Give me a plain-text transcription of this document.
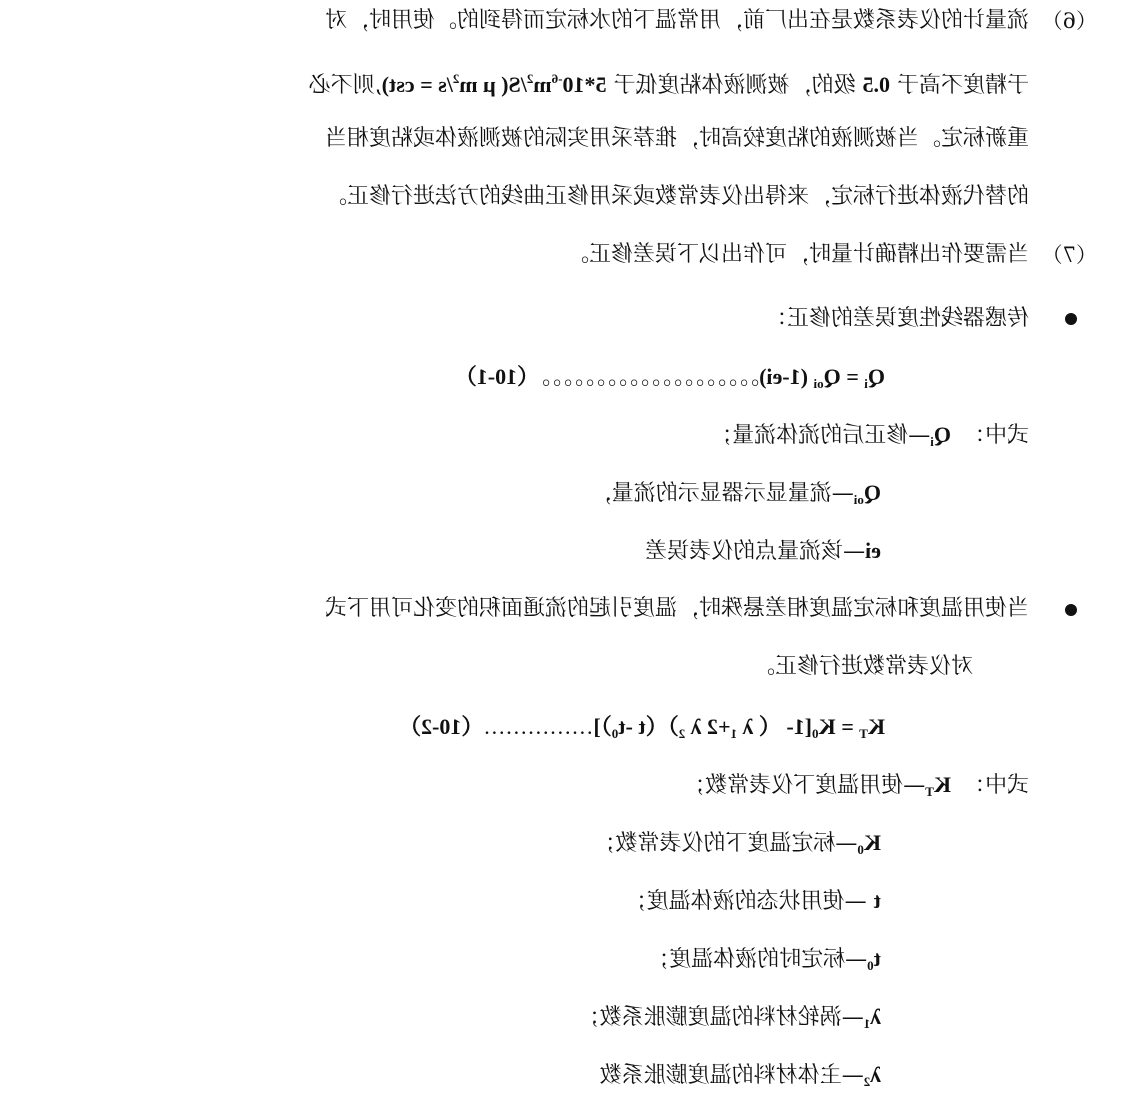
（6）
流量计的仪表系数是在出厂前，用常温下的水标定而得到的。使用时，对
于精度不高于 0.5 级的，被测液体粘度低于 $5*10^{-6}m^2/S$( μ $m^2/s = cst$),则不必
重新标定。当被测液的粘度较高时，推荐采用实际的被测液体或粘度相当
的替代液体进行标定，来得出仪表常数或采用修正曲线的方法进行修正。
（7）
当需要作出精确计量时，可作出以下误差修正。
传感器线性度误差的修正：
$Q_i = Q_{oi}$ (1-ei)。。。。。。。。。。。。。。。。。。。。（10-1）
式中：$Q_i—$修正后的流体流量；
$Q_{oi}—$流量显示器显示的流量，
ei—该流量点的仪表误差
当使用温度和标定温度相差悬殊时，温度引起的流通面积的变化可用下式
对仪表常数进行修正。
$K_T = K_0[1-$ （ λ $_1$+2 λ $_2$）（t $-t_0)]\dots\dots\dots\dots\dots(10-2)$
式中：$K_T—$使用温度下仪表常数；
$K_0—$标定温度下的仪表常数；
t —使用状态的液体温度；
$t_0—$标定时的液体温度；
$\lambda_1—$涡轮材料的温度膨胀系数；
$\lambda_2—$主体材料的温度膨胀系数
